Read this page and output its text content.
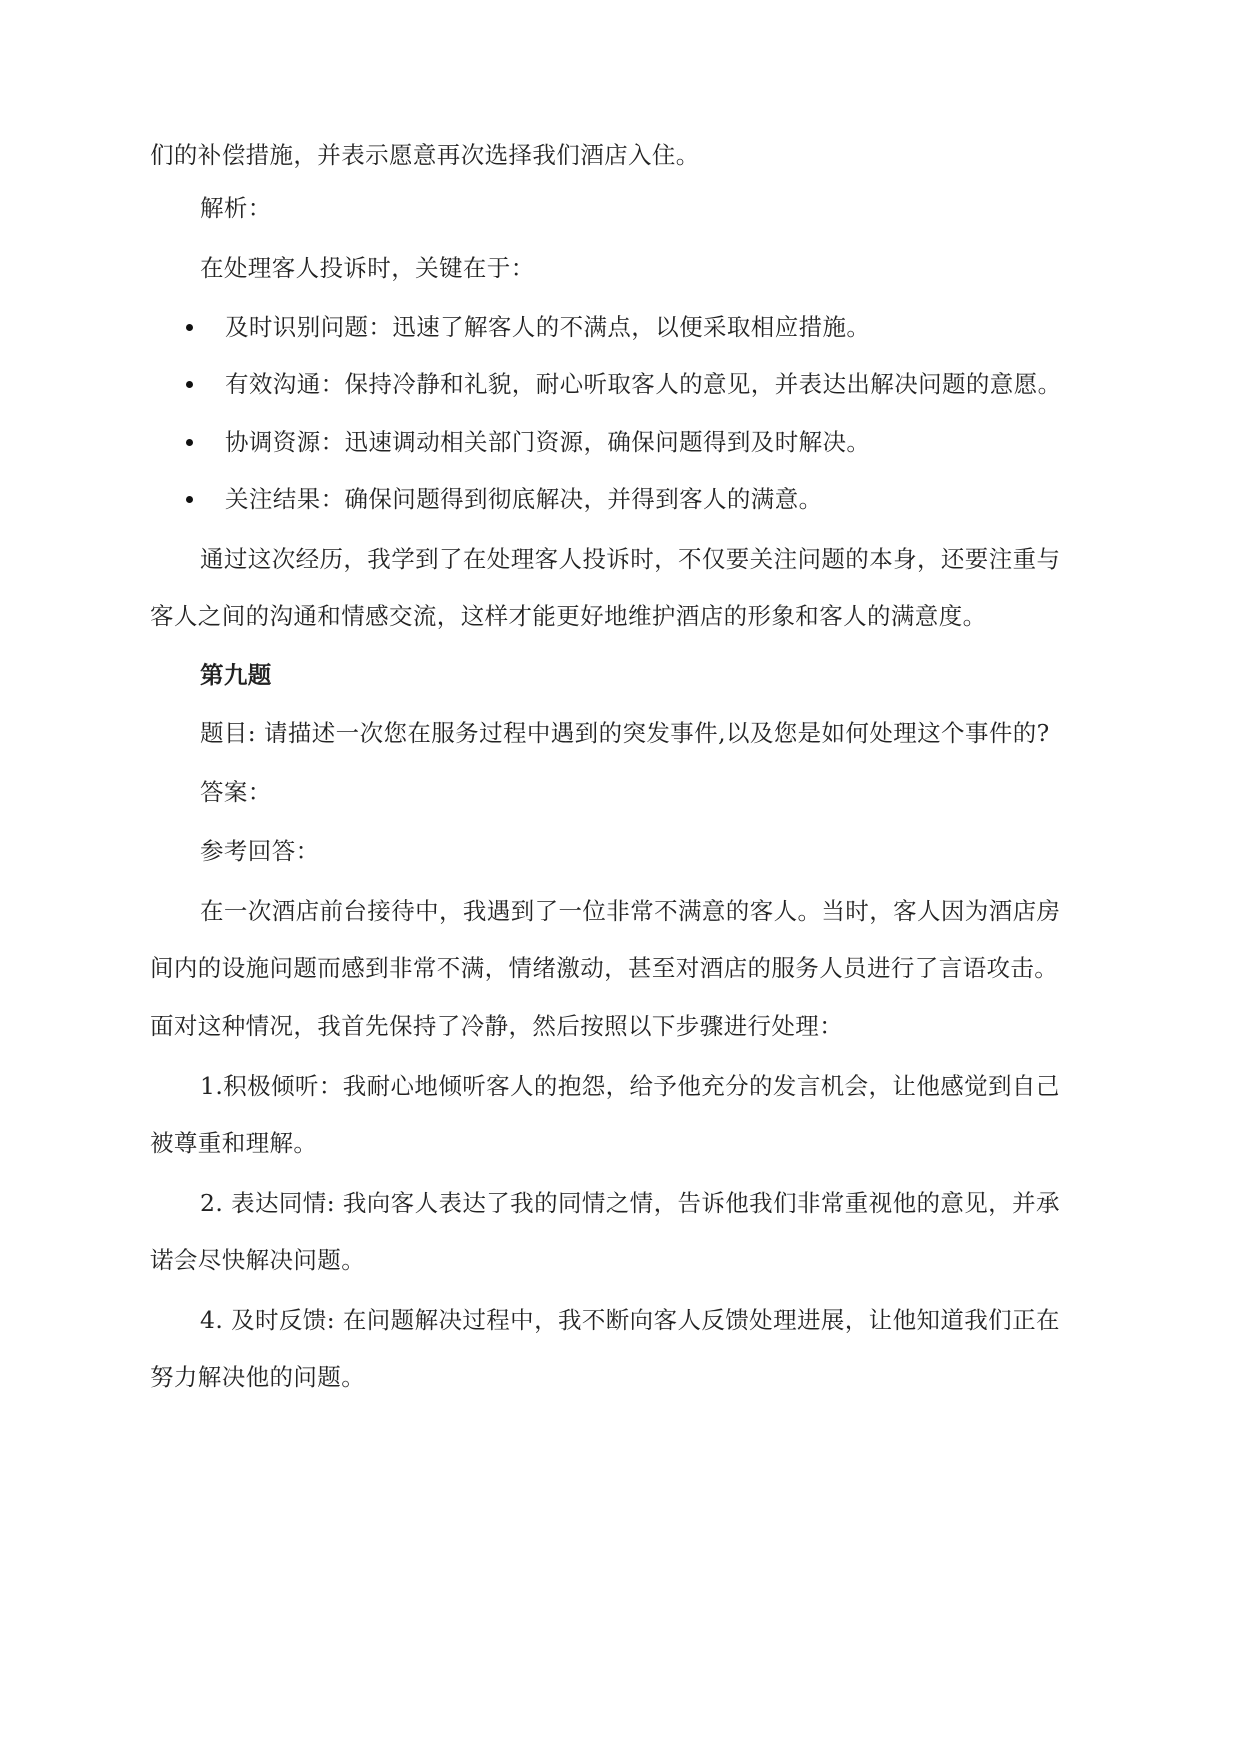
们的补偿措施，并表示愿意再次选择我们酒店入住。
解析：
在处理客人投诉时，关键在于：
及时识别问题：迅速了解客人的不满点，以便采取相应措施。
有效沟通：保持冷静和礼貌，耐心听取客人的意见，并表达出解决问题的意愿。
协调资源：迅速调动相关部门资源，确保问题得到及时解决。
关注结果：确保问题得到彻底解决，并得到客人的满意。
通过这次经历，我学到了在处理客人投诉时，不仅要关注问题的本身，还要注重与
客人之间的沟通和情感交流，这样才能更好地维护酒店的形象和客人的满意度。
第九题
题目: 请描述一次您在服务过程中遇到的突发事件,以及您是如何处理这个事件的?
答案：
参考回答：
在一次酒店前台接待中，我遇到了一位非常不满意的客人。当时，客人因为酒店房
间内的设施问题而感到非常不满，情绪激动，甚至对酒店的服务人员进行了言语攻击。
面对这种情况，我首先保持了冷静，然后按照以下步骤进行处理：
1.积极倾听：我耐心地倾听客人的抱怨，给予他充分的发言机会，让他感觉到自己
被尊重和理解。
2. 表达同情: 我向客人表达了我的同情之情，告诉他我们非常重视他的意见，并承
诺会尽快解决问题。
4. 及时反馈: 在问题解决过程中，我不断向客人反馈处理进展，让他知道我们正在
努力解决他的问题。
